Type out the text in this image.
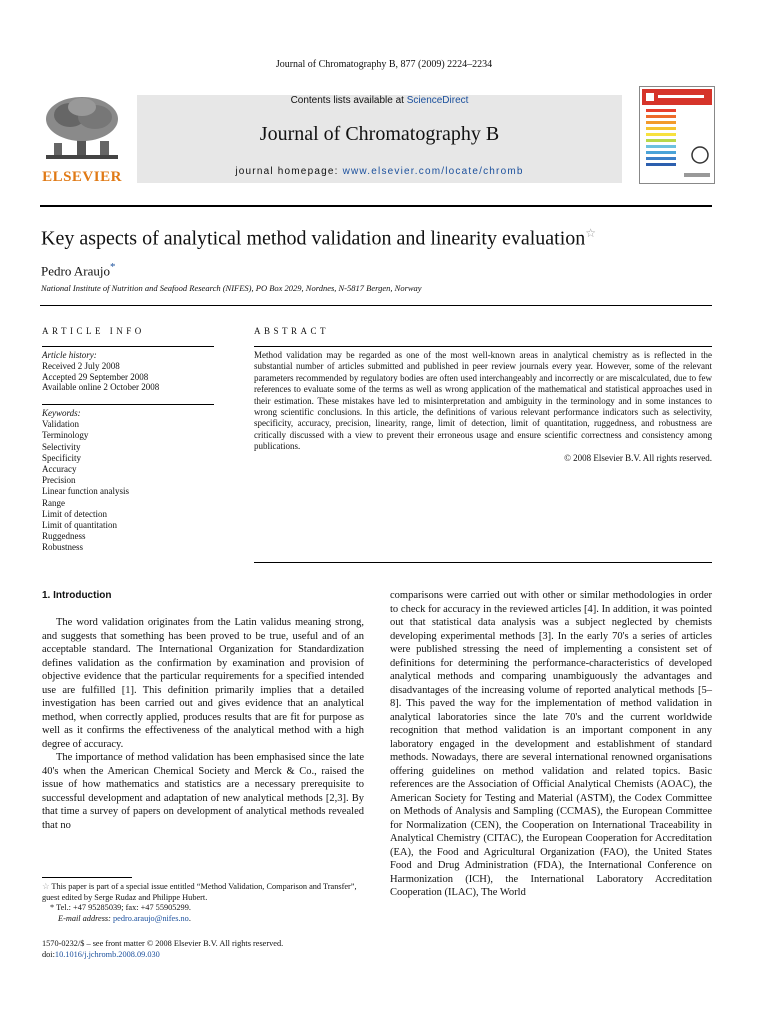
Journal of Chromatography B, 877 (2009) 2224–2234
ELSEVIER
Contents lists available at ScienceDirect
Journal of Chromatography B
journal homepage: www.elsevier.com/locate/chromb
Key aspects of analytical method validation and linearity evaluation☆
Pedro Araujo*
National Institute of Nutrition and Seafood Research (NIFES), PO Box 2029, Nordnes, N-5817 Bergen, Norway
ARTICLE INFO	ABSTRACT
Article history:
Received 2 July 2008
Accepted 29 September 2008
Available online 2 October 2008
Keywords:
Validation
Terminology
Selectivity
Specificity
Accuracy
Precision
Linear function analysis
Range
Limit of detection
Limit of quantitation
Ruggedness
Robustness
Method validation may be regarded as one of the most well-known areas in analytical chemistry as is reflected in the substantial number of articles submitted and published in peer review journals every year. However, some of the relevant parameters recommended by regulatory bodies are often used interchangeably and incorrectly or are miscalculated, due to few references to evaluate some of the terms as well as wrong application of the mathematical and statistical approaches used in their estimation. These mistakes have led to misinterpretation and ambiguity in the terminology and in some instances to wrong scientific conclusions. In this article, the definitions of various relevant performance indicators such as selectivity, specificity, accuracy, precision, linearity, range, limit of detection, limit of quantitation, ruggedness, and robustness are critically discussed with a view to prevent their erroneous usage and ensure scientific correctness and consistency among publications.
© 2008 Elsevier B.V. All rights reserved.
1. Introduction

The word validation originates from the Latin validus meaning strong, and suggests that something has been proved to be true, useful and of an acceptable standard. The International Organization for Standardization defines validation as the confirmation by examination and provision of objective evidence that the particular requirements for a specified intended use are fulfilled [1]. This definition primarily implies that a detailed investigation has been carried out and gives evidence that an analytical method, when correctly applied, produces results that are fit for purpose as well as it confirms the effectiveness of the analytical method with a high degree of accuracy.

The importance of method validation has been emphasised since the late 40's when the American Chemical Society and Merck & Co., raised the issue of how mathematics and statistics are a necessary prerequisite to successful development and adaptation of new analytical methods [2,3]. By that time a survey of papers on development of analytical methods revealed that no

comparisons were carried out with other or similar methodologies in order to check for accuracy in the reviewed articles [4]. In addition, it was pointed out that statistical data analysis was a subject neglected by chemists developing experimental methods [3]. In the early 70's a series of articles were published stressing the need of implementing a consistent set of definitions for determining the performance-characteristics of developed analytical methods and comparing unambiguously the advantages and disadvantages of the increasing volume of reported analytical methods [5–8]. This paved the way for the implementation of method validation in analytical laboratories since the late 70's and the current worldwide recognition that method validation is an important component in any laboratory engaged in the development and establishment of standard methods. Nowadays, there are several international renowned organisations offering guidelines on method validation and related topics. Basic references are the Association of Official Analytical Chemists (AOAC), the American Society for Testing and Material (ASTM), the Codex Committee on Methods of Analysis and Sampling (CCMAS), the European Committee for Normalization (CEN), the Cooperation on International Traceability in Analytical Chemistry (CITAC), the European Cooperation for Accreditation (EA), the Food and Agricultural Organization (FAO), the United States Food and Drug Administration (FDA), the International Conference on Harmonization (ICH), the International Laboratory Accreditation Cooperation (ILAC), The World

☆ This paper is part of a special issue entitled “Method Validation, Comparison and Transfer”, guest edited by Serge Rudaz and Philippe Hubert.
* Tel.: +47 95285039; fax: +47 55905299.
E-mail address: pedro.araujo@nifes.no.
1570-0232/$ – see front matter © 2008 Elsevier B.V. All rights reserved.
doi:10.1016/j.jchromb.2008.09.030
